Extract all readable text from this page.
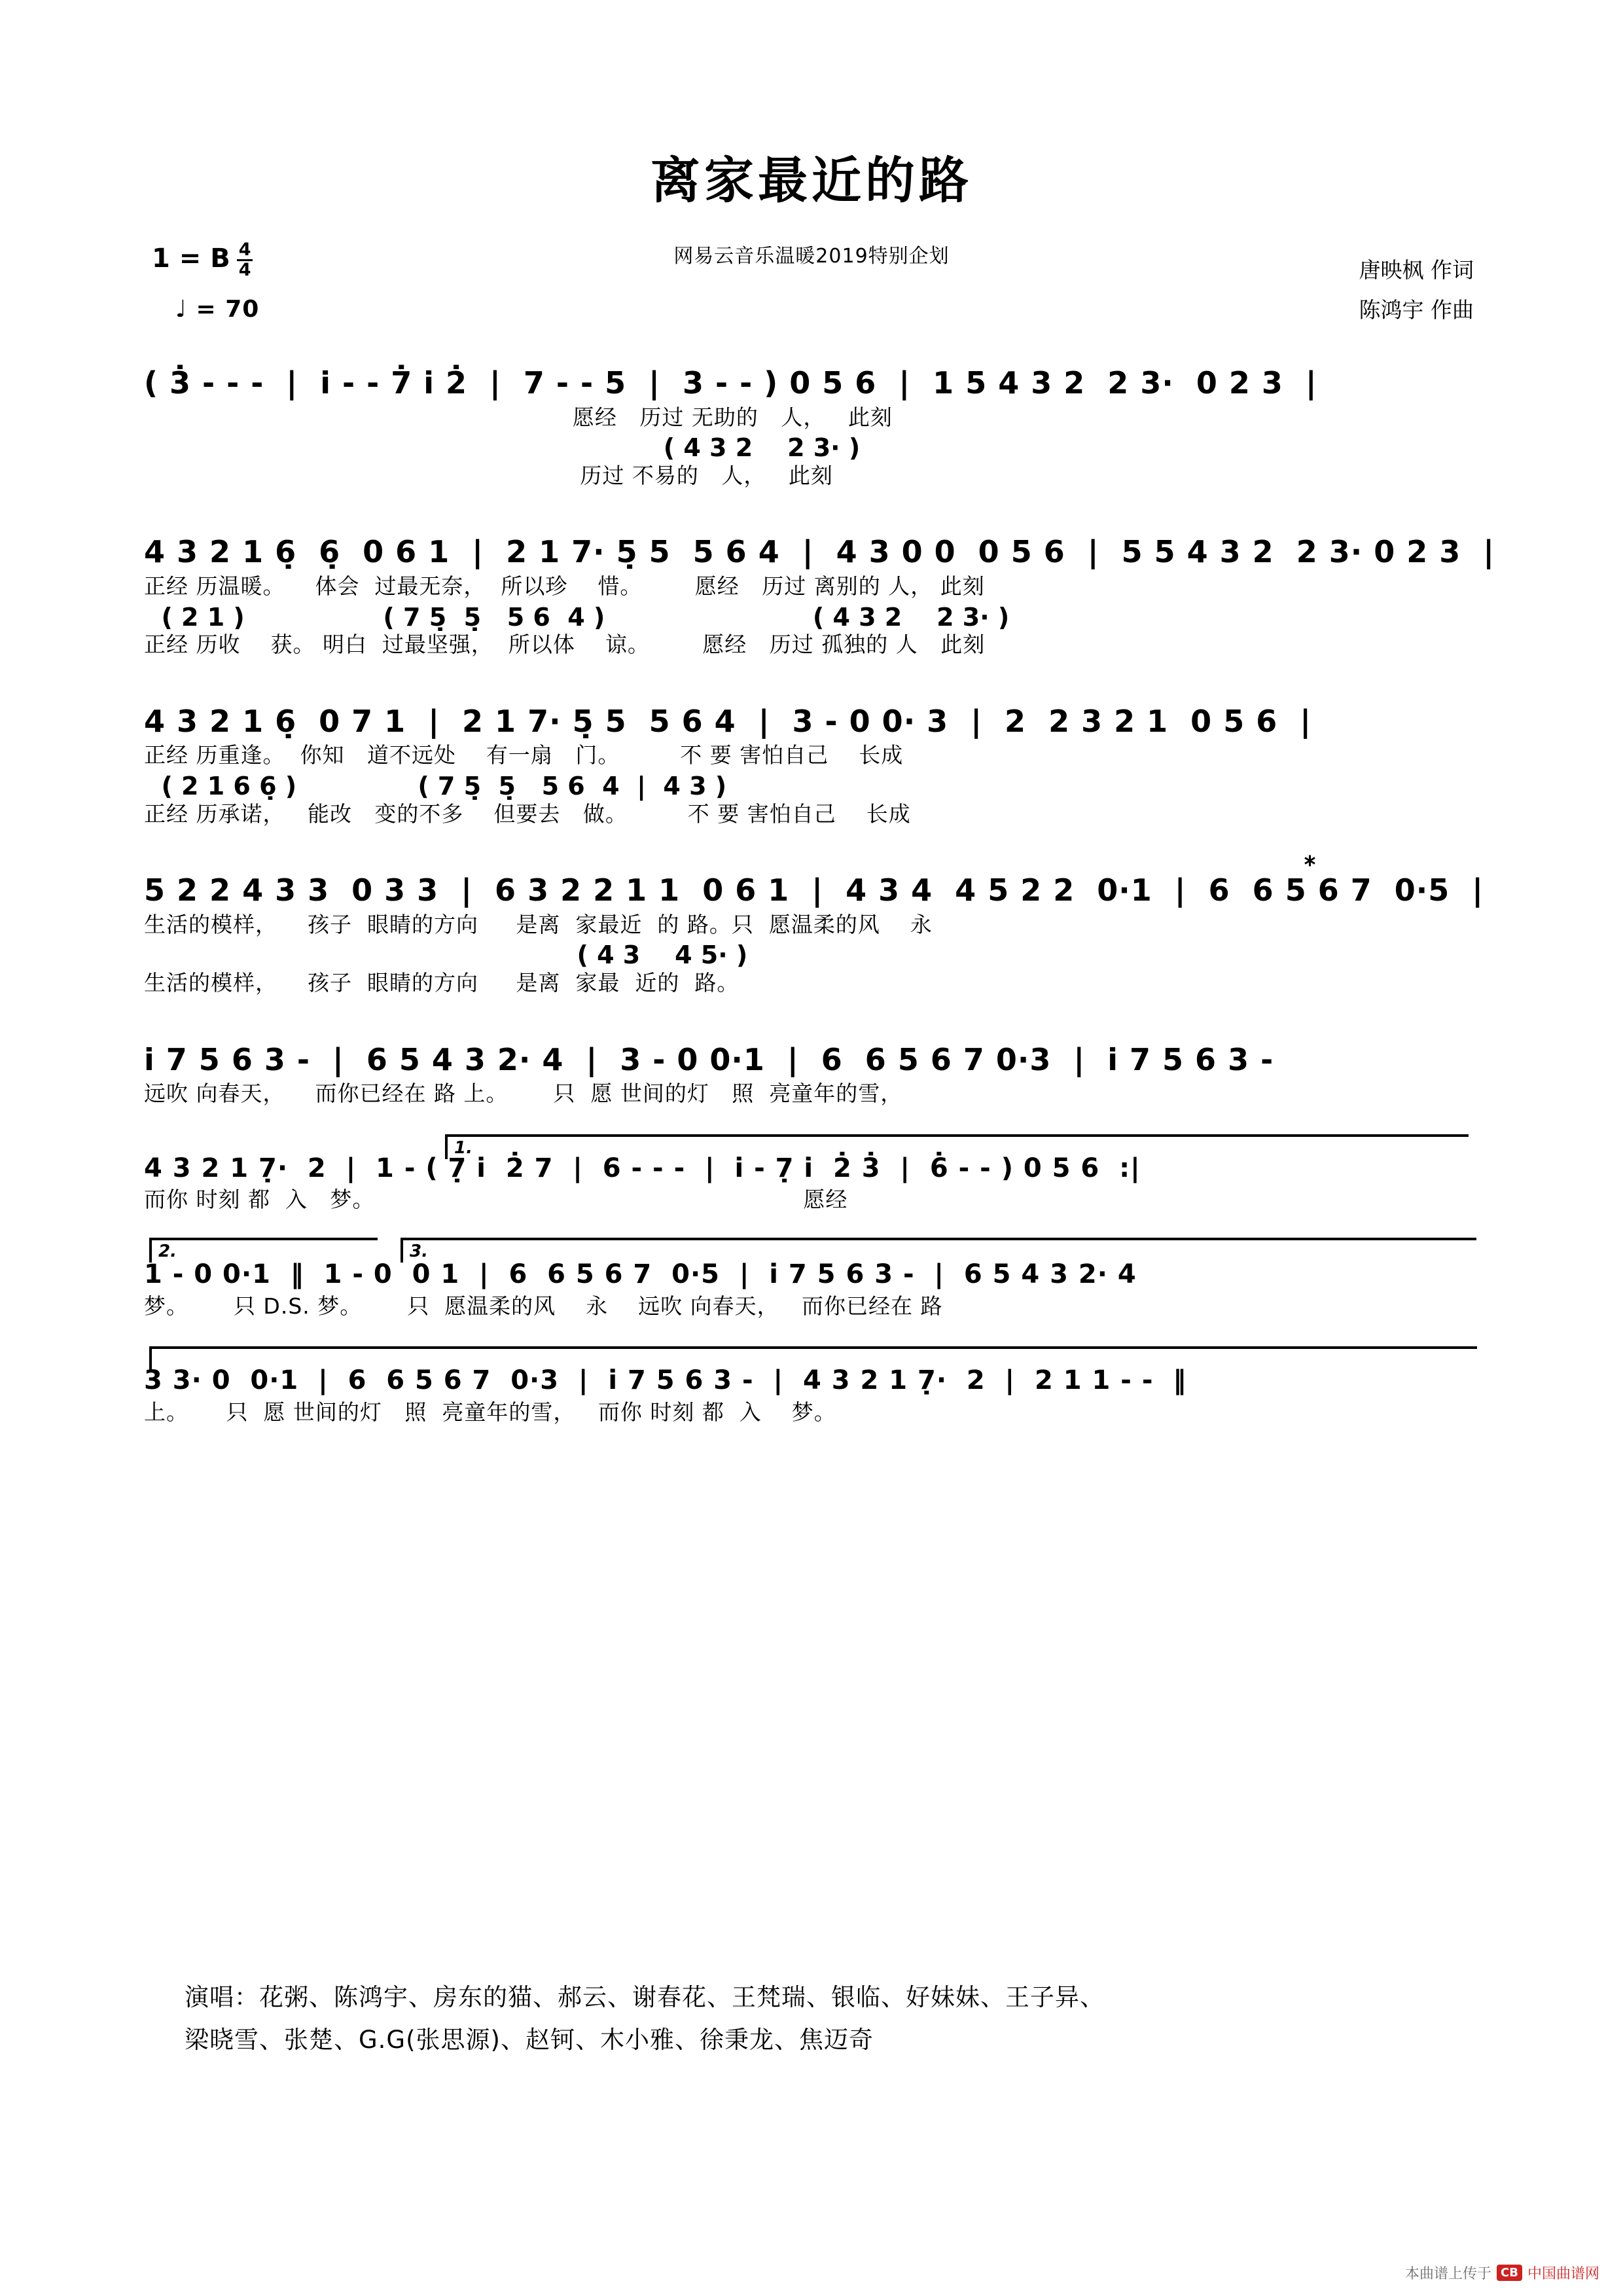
离家最近的路
网易云音乐温暖2019特别企划
1 = B $\frac{4}{4}$
♩ = 70
唐映枫 作词
陈鸿宇 作曲
( 3̇ - - -  |  i̇ - - 7̇ i̇ 2̇  |  7 - - 5  |  3 - - ) 0 5 6  |  1 5 4 3 2  2 3·  0 2 3  |
愿经   历过 无助的   人，   此刻
( 4 3 2    2 3· )
历过 不易的   人，   此刻
4 3 2 1 6̣  6̣  0 6 1  |  2 1 7· 5̣ 5  5 6 4  |  4 3 0 0  0 5 6  |  5 5 4 3 2  2 3· 0 2 3  |
正经 历温暖。    体会  过最无奈，  所以珍    惜。       愿经   历过 离别的 人， 此刻
( 2 1 )                ( 7 5̣  5̣   5 6  4 )                        ( 4 3 2    2 3· )
正经 历收    获。 明白  过最坚强，  所以体    谅。       愿经   历过 孤独的 人   此刻
4 3 2 1 6̣  0 7 1  |  2 1 7· 5̣ 5  5 6 4  |  3 - 0 0· 3  |  2  2 3 2 1  0 5 6  |
正经 历重逢。  你知   道不远处    有一扇   门。        不 要 害怕自己    长成
( 2 1 6 6̣ )              ( 7 5̣  5̣   5 6  4  |  4 3 )
正经 历承诺，   能改   变的不多    但要去   做。        不 要 害怕自己    长成
⁎
5 2 2 4 3 3  0 3 3  |  6 3 2 2 1 1  0 6 1  |  4 3 4  4 5 2 2  0·1  |  6  6 5 6 7  0·5  |
生活的模样，    孩子  眼睛的方向     是离  家最近  的 路。只  愿温柔的风    永
( 4 3    4 5· )
生活的模样，    孩子  眼睛的方向     是离  家最  近的  路。
i̇ 7 5 6 3 -  |  6 5 4 3 2· 4  |  3 - 0 0·1  |  6  6 5 6 7 0·3  |  i̇ 7 5 6 3 -
远吹 向春天，    而你已经在 路 上。      只  愿 世间的灯   照  亮童年的雪，
1.
4 3 2 1 7̣·  2  |  1 - ( 7̣ i̇  2̇ 7  |  6 - - -  |  i̇ - 7̣ i̇  2̇ 3̇  |  6̇ - - ) 0 5 6  :|
而你 时刻 都  入   梦。                                                         愿经
2.	3.
1 - 0 0·1  ‖  1 - 0  0 1  |  6  6 5 6 7  0·5  |  i̇ 7 5 6 3 -  |  6 5 4 3 2· 4
梦。      只 D.S. 梦。      只  愿温柔的风    永    远吹 向春天，   而你已经在 路
3 3· 0  0·1  |  6  6 5 6 7  0·3  |  i̇ 7 5 6 3 -  |  4 3 2 1 7̣·  2  |  2 1 1 - -  ‖
上。     只  愿 世间的灯   照  亮童年的雪，   而你 时刻 都  入    梦。
演唱：花粥、陈鸿宇、房东的猫、郝云、谢春花、王梵瑞、银临、好妹妹、王子异、
梁晓雪、张楚、G.G(张思源)、赵钶、木小雅、徐秉龙、焦迈奇
本曲谱上传于 CB 中国曲谱网
